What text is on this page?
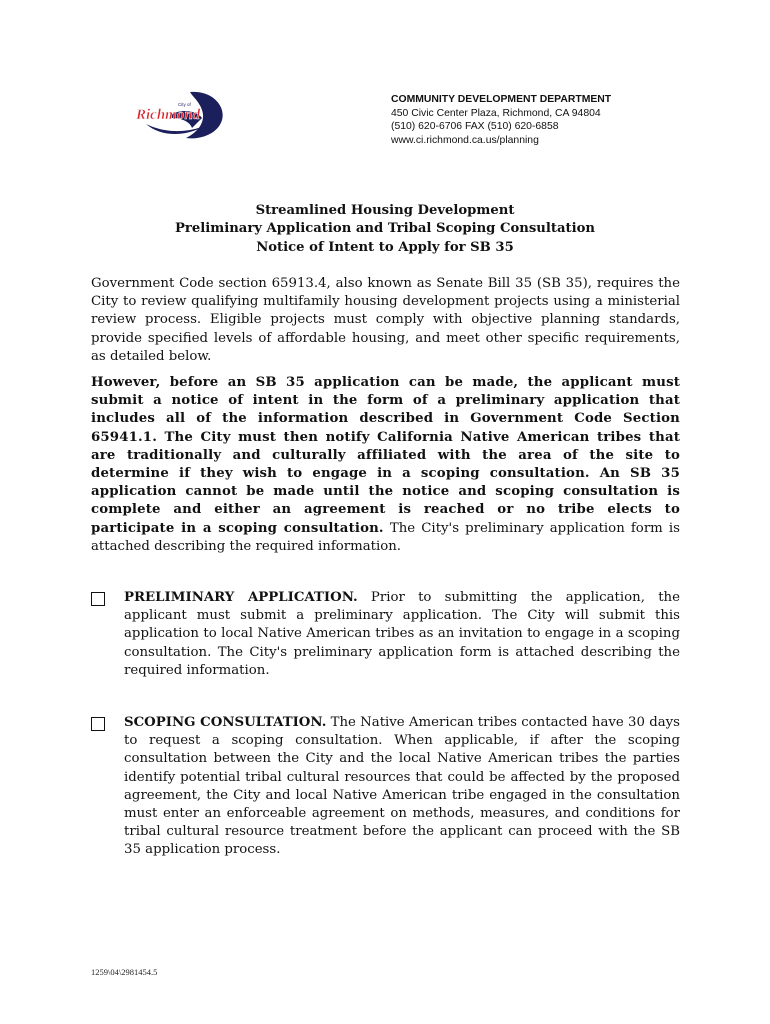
City of
Richmond
COMMUNITY DEVELOPMENT DEPARTMENT
450 Civic Center Plaza, Richmond, CA 94804
(510) 620-6706 FAX (510) 620-6858
www.ci.richmond.ca.us/planning
Streamlined Housing Development
Preliminary Application and Tribal Scoping Consultation
Notice of Intent to Apply for SB 35

Government Code section 65913.4, also known as Senate Bill 35 (SB 35), requires the City to review qualifying multifamily housing development projects using a ministerial review process. Eligible projects must comply with objective planning standards, provide specified levels of affordable housing, and meet other specific requirements, as detailed below.

However, before an SB 35 application can be made, the applicant must submit a notice of intent in the form of a preliminary application that includes all of the information described in Government Code Section 65941.1. The City must then notify California Native American tribes that are traditionally and culturally affiliated with the area of the site to determine if they wish to engage in a scoping consultation. An SB 35 application cannot be made until the notice and scoping consultation is complete and either an agreement is reached or no tribe elects to participate in a scoping consultation. The City's preliminary application form is attached describing the required information.

PRELIMINARY APPLICATION. Prior to submitting the application, the applicant must submit a preliminary application. The City will submit this application to local Native American tribes as an invitation to engage in a scoping consultation. The City's preliminary application form is attached describing the required information.
SCOPING CONSULTATION. The Native American tribes contacted have 30 days to request a scoping consultation. When applicable, if after the scoping consultation between the City and the local Native American tribes the parties identify potential tribal cultural resources that could be affected by the proposed agreement, the City and local Native American tribe engaged in the consultation must enter an enforceable agreement on methods, measures, and conditions for tribal cultural resource treatment before the applicant can proceed with the SB 35 application process.
1259\04\2981454.5
